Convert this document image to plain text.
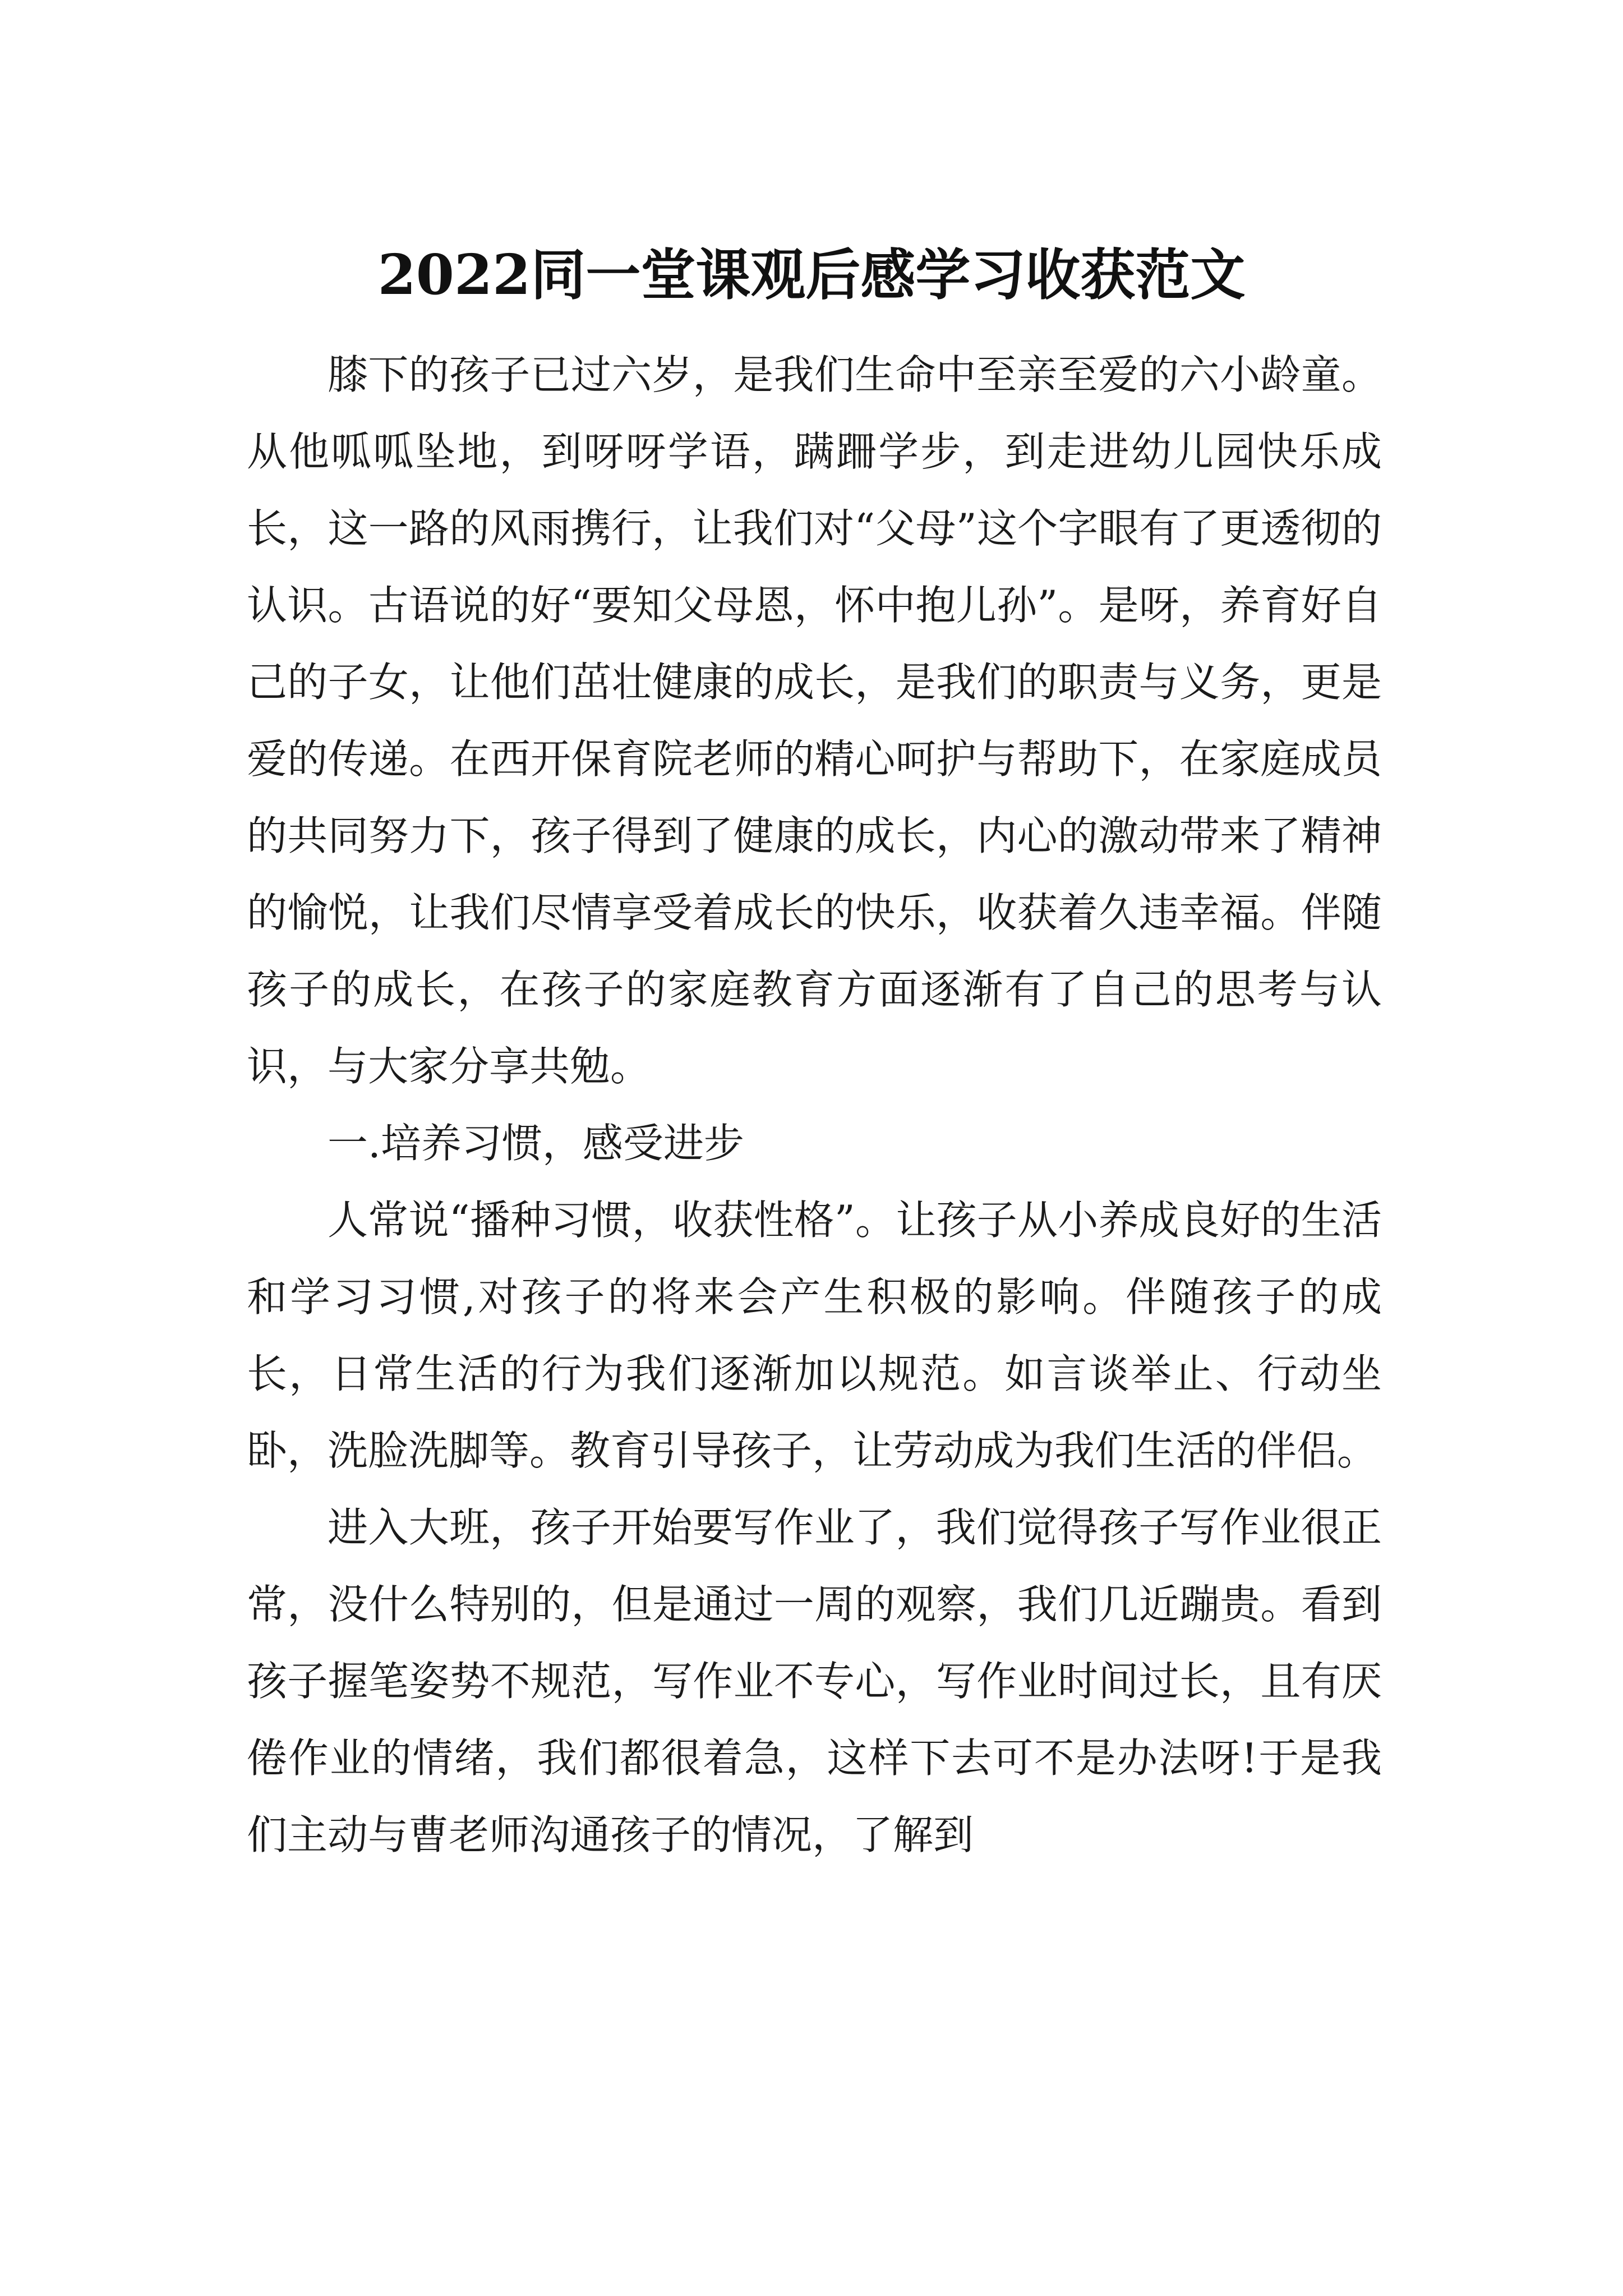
2022同一堂课观后感学习收获范文

膝下的孩子已过六岁，是我们生命中至亲至爱的六小龄童。从他呱呱坠地，到呀呀学语，蹒跚学步，到走进幼儿园快乐成长，这一路的风雨携行，让我们对“父母”这个字眼有了更透彻的认识。古语说的好“要知父母恩，怀中抱儿孙”。是呀，养育好自己的子女，让他们茁壮健康的成长，是我们的职责与义务，更是爱的传递。在西开保育院老师的精心呵护与帮助下，在家庭成员的共同努力下，孩子得到了健康的成长，内心的激动带来了精神的愉悦，让我们尽情享受着成长的快乐，收获着久违幸福。伴随孩子的成长，在孩子的家庭教育方面逐渐有了自己的思考与认识，与大家分享共勉。

一.培养习惯，感受进步

人常说“播种习惯，收获性格”。让孩子从小养成良好的生活和学习习惯,对孩子的将来会产生积极的影响。伴随孩子的成长，日常生活的行为我们逐渐加以规范。如言谈举止、行动坐卧，洗脸洗脚等。教育引导孩子，让劳动成为我们生活的伴侣。

进入大班，孩子开始要写作业了，我们觉得孩子写作业很正常，没什么特别的，但是通过一周的观察，我们几近蹦贵。看到孩子握笔姿势不规范，写作业不专心，写作业时间过长，且有厌倦作业的情绪，我们都很着急，这样下去可不是办法呀!于是我们主动与曹老师沟通孩子的情况，了解到
